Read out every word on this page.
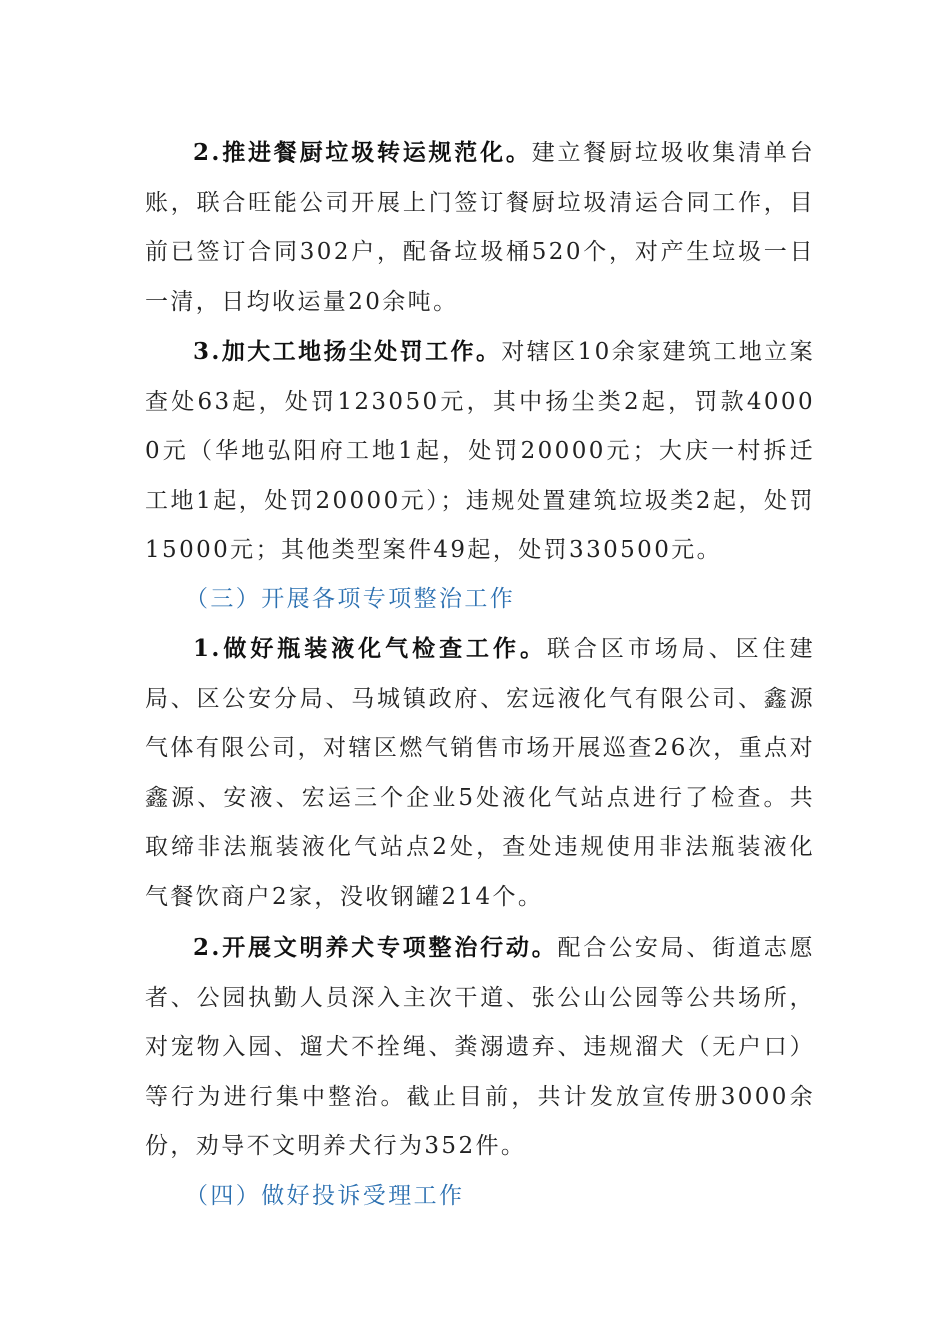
2.推进餐厨垃圾转运规范化。建立餐厨垃圾收集清单台账，联合旺能公司开展上门签订餐厨垃圾清运合同工作，目前已签订合同302户，配备垃圾桶520个，对产生垃圾一日一清，日均收运量20余吨。

3.加大工地扬尘处罚工作。对辖区10余家建筑工地立案查处63起，处罚123050元，其中扬尘类2起，罚款40000元（华地弘阳府工地1起，处罚20000元；大庆一村拆迁工地1起，处罚20000元）；违规处置建筑垃圾类2起，处罚15000元；其他类型案件49起，处罚330500元。

（三）开展各项专项整治工作

1.做好瓶装液化气检查工作。联合区市场局、区住建局、区公安分局、马城镇政府、宏远液化气有限公司、鑫源气体有限公司，对辖区燃气销售市场开展巡查26次，重点对鑫源、安液、宏运三个企业5处液化气站点进行了检查。共取缔非法瓶装液化气站点2处，查处违规使用非法瓶装液化气餐饮商户2家，没收钢罐214个。

2.开展文明养犬专项整治行动。配合公安局、街道志愿者、公园执勤人员深入主次干道、张公山公园等公共场所，对宠物入园、遛犬不拴绳、粪溺遗弃、违规溜犬（无户口）等行为进行集中整治。截止目前，共计发放宣传册3000余份，劝导不文明养犬行为352件。

（四）做好投诉受理工作
